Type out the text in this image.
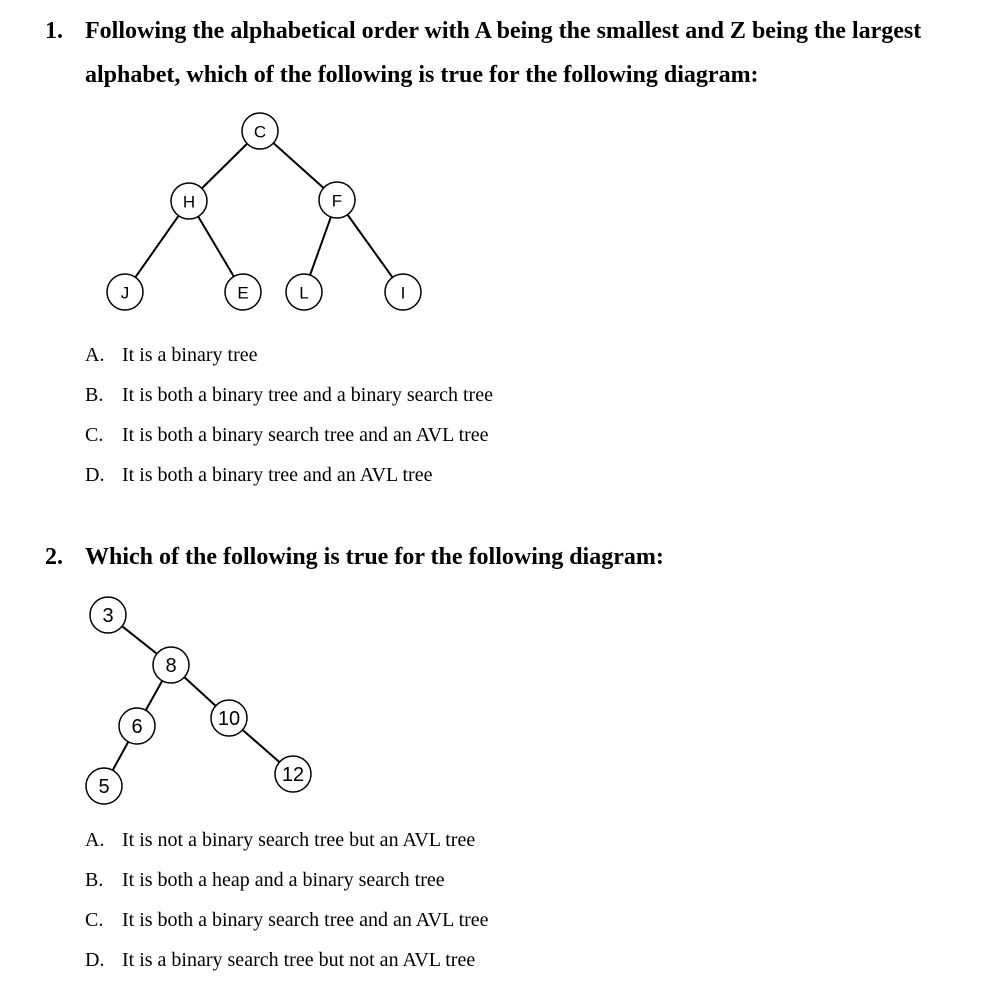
1. Following the alphabetical order with A being the smallest and Z being the largest
alphabet, which of the following is true for the following diagram:
C
H	F
J	E	L	I
A. It is a binary tree
B. It is both a binary tree and a binary search tree
C. It is both a binary search tree and an AVL tree
D. It is both a binary tree and an AVL tree
2. Which of the following is true for the following diagram:
3
8
6	10
5
12
A. It is not a binary search tree but an AVL tree
B. It is both a heap and a binary search tree
C. It is both a binary search tree and an AVL tree
D. It is a binary search tree but not an AVL tree
